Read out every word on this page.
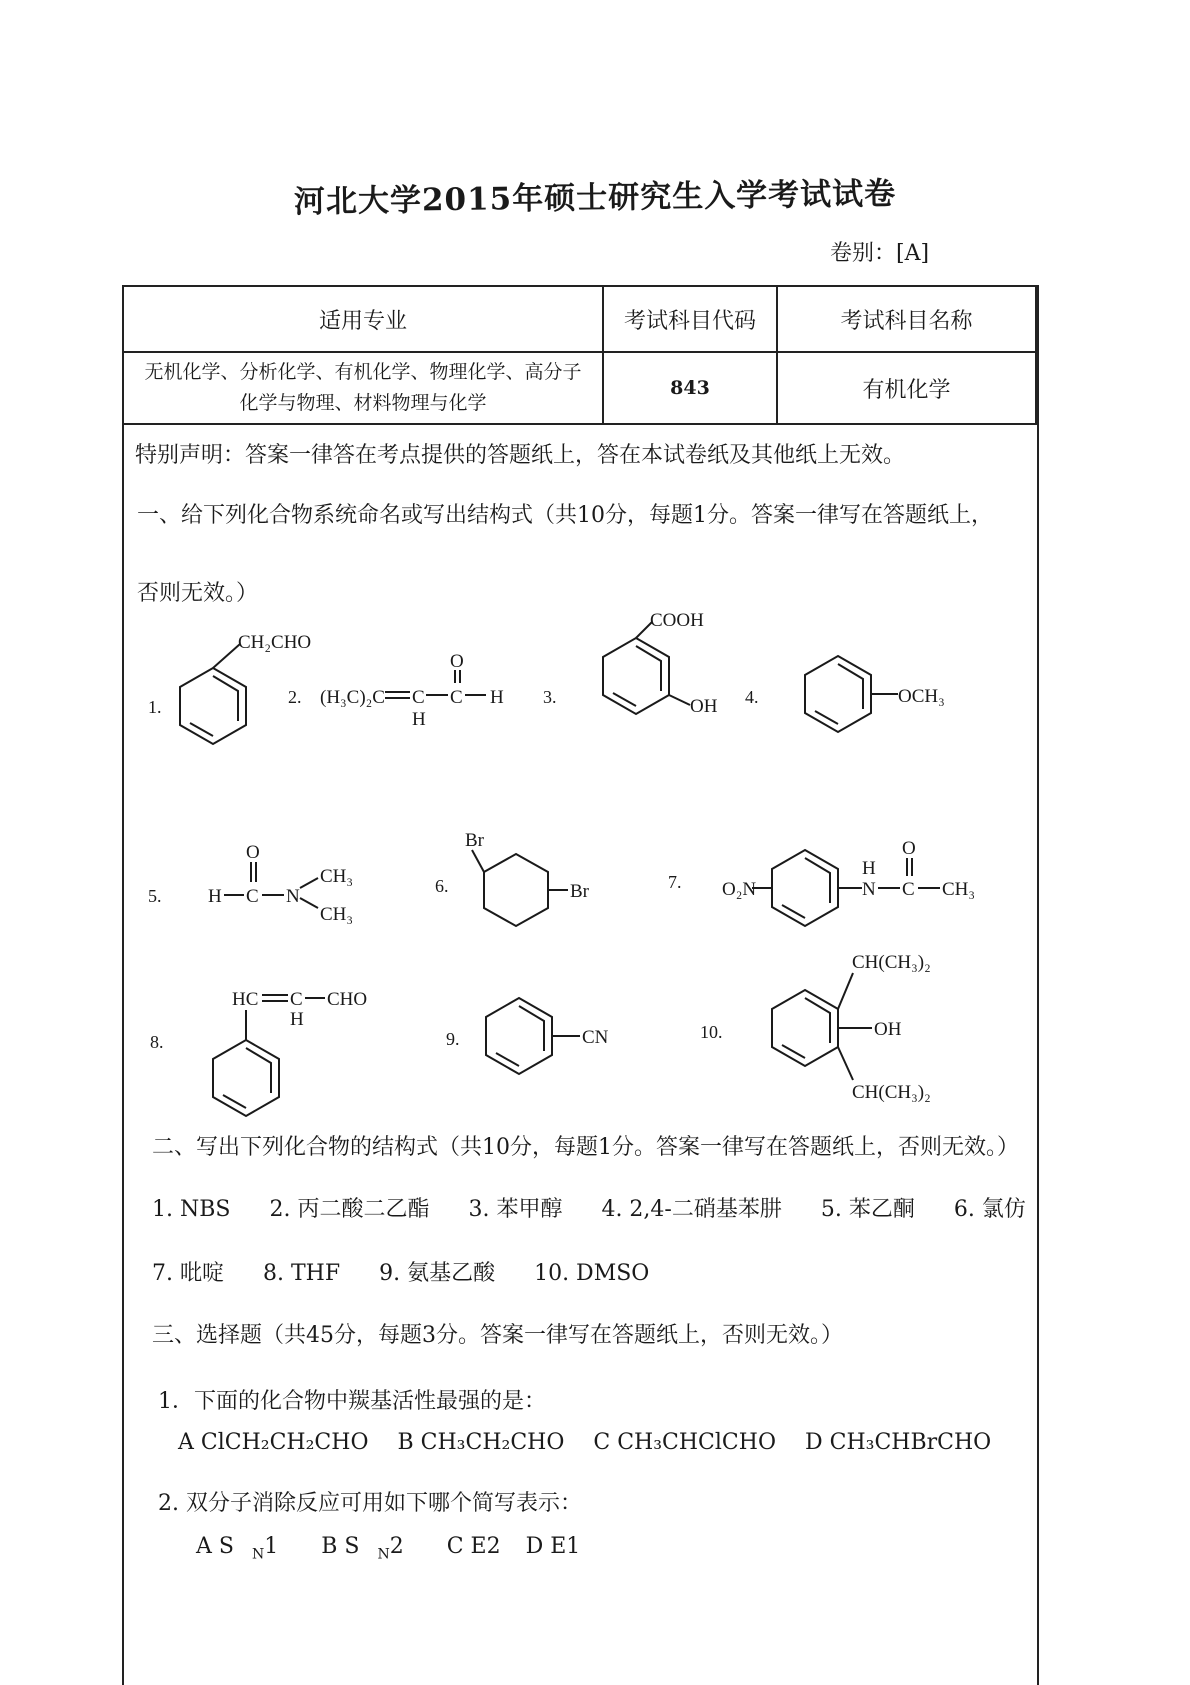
河北大学2015年硕士研究生入学考试试卷
卷别：[A]
适用专业	考试科目代码	考试科目名称

无机化学、分析化学、有机化学、物理化学、高分子
化学与物理、材料物理与化学	843	有机化学
特别声明：答案一律答在考点提供的答题纸上，答在本试卷纸及其他纸上无效。
一、给下列化合物系统命名或写出结构式（共10分，每题1分。答案一律写在答题纸上，
否则无效。）
1.
CH₂CHO
2. (H₃C)₂C C
H
C
O
H 3.
COOH
OH 4.	OCH₃
5. H C
O
N
CH₃
CH₃
6.
Br
Br	7. O₂N	N
H
C
O
CH₃
8.
HC C
H
CHO
9.	CN	10.
CH(CH₃)₂
OH
CH(CH₃)₂
二、写出下列化合物的结构式（共10分，每题1分。答案一律写在答题纸上，否则无效。）
1. NBS 2. 丙二酸二乙酯 3. 苯甲醇 4. 2,4-二硝基苯肼 5. 苯乙酮 6. 氯仿
7. 吡啶 8. THF 9. 氨基乙酸 10. DMSO
三、选择题（共45分，每题3分。答案一律写在答题纸上，否则无效。）
1．下面的化合物中羰基活性最强的是：
A ClCH₂CH₂CHO B CH₃CH₂CHO C CH₃CHClCHO D CH₃CHBrCHO
2. 双分子消除反应可用如下哪个简写表示：
A S $_N$1 B S $_N$2 C E2 D E1
